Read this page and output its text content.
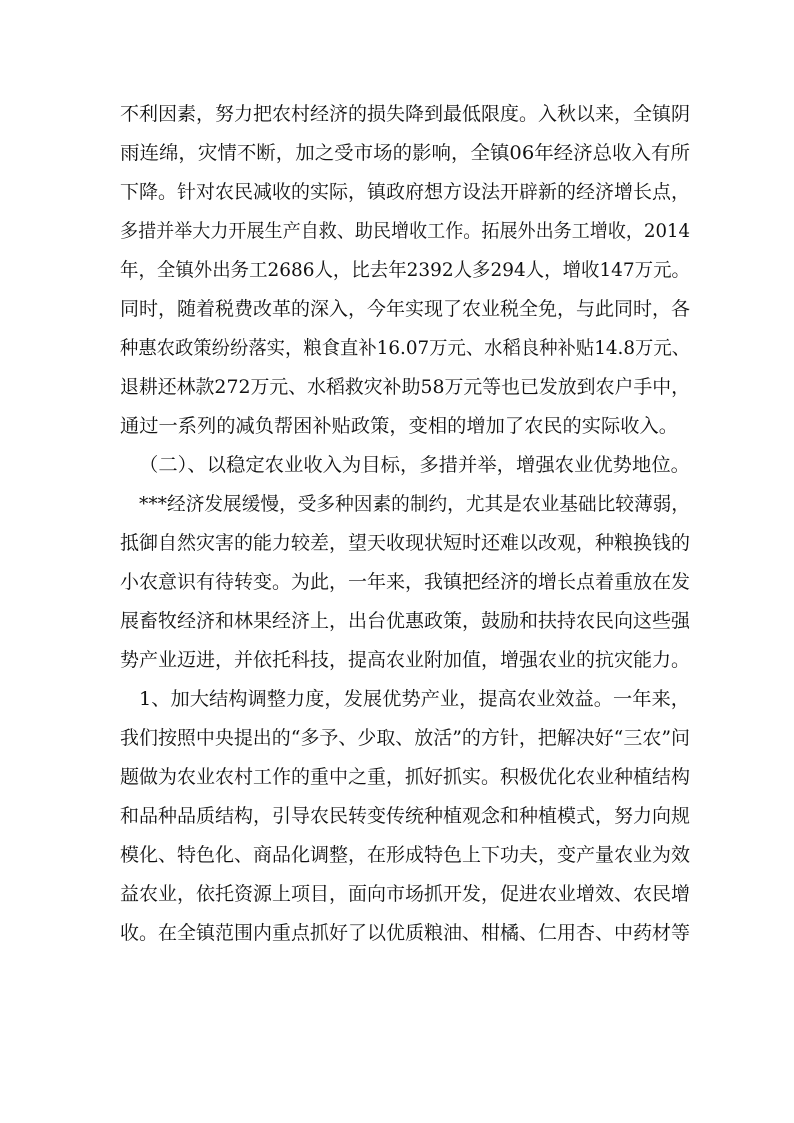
不利因素，努力把农村经济的损失降到最低限度。入秋以来，全镇阴
雨连绵，灾情不断，加之受市场的影响，全镇06年经济总收入有所
下降。针对农民减收的实际，镇政府想方设法开辟新的经济增长点，
多措并举大力开展生产自救、助民增收工作。拓展外出务工增收，2014
年，全镇外出务工2686人，比去年2392人多294人，增收147万元。
同时，随着税费改革的深入，今年实现了农业税全免，与此同时，各
种惠农政策纷纷落实，粮食直补16.07万元、水稻良种补贴14.8万元、
退耕还林款272万元、水稻救灾补助58万元等也已发放到农户手中，
通过一系列的减负帮困补贴政策，变相的增加了农民的实际收入。
（二）、以稳定农业收入为目标，多措并举，增强农业优势地位。
***经济发展缓慢，受多种因素的制约，尤其是农业基础比较薄弱，
抵御自然灾害的能力较差，望天收现状短时还难以改观，种粮换钱的
小农意识有待转变。为此，一年来，我镇把经济的增长点着重放在发
展畜牧经济和林果经济上，出台优惠政策，鼓励和扶持农民向这些强
势产业迈进，并依托科技，提高农业附加值，增强农业的抗灾能力。
1、加大结构调整力度，发展优势产业，提高农业效益。一年来，
我们按照中央提出的“多予、少取、放活”的方针，把解决好“三农”问
题做为农业农村工作的重中之重，抓好抓实。积极优化农业种植结构
和品种品质结构，引导农民转变传统种植观念和种植模式，努力向规
模化、特色化、商品化调整，在形成特色上下功夫，变产量农业为效
益农业，依托资源上项目，面向市场抓开发，促进农业增效、农民增
收。在全镇范围内重点抓好了以优质粮油、柑橘、仁用杏、中药材等
